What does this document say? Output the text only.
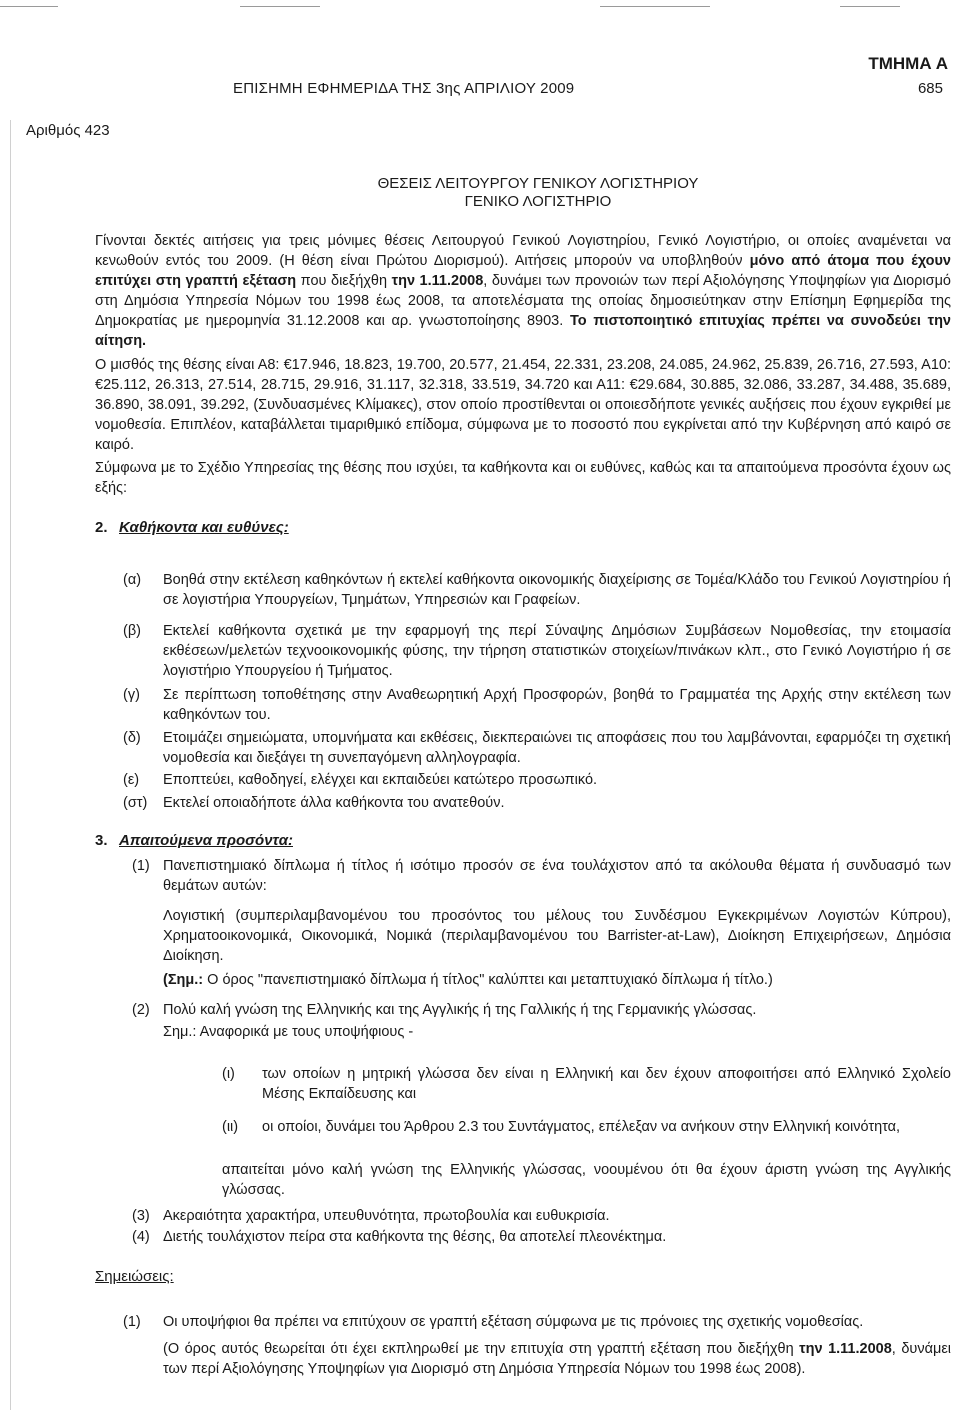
ΤΜΗΜΑ Α
ΕΠΙΣΗΜΗ ΕΦΗΜΕΡΙΔΑ ΤΗΣ 3ης ΑΠΡΙΛΙΟΥ 2009	685
Αριθμός 423
ΘΕΣΕΙΣ ΛΕΙΤΟΥΡΓΟΥ ΓΕΝΙΚΟΥ ΛΟΓΙΣΤΗΡΙΟΥ
ΓΕΝΙΚΟ ΛΟΓΙΣΤΗΡΙΟ
Γίνονται δεκτές αιτήσεις για τρεις μόνιμες θέσεις Λειτουργού Γενικού Λογιστηρίου, Γενικό Λογιστήριο, οι οποίες αναμένεται να κενωθούν εντός του 2009. (Η θέση είναι Πρώτου Διορισμού). Αιτήσεις μπορούν να υποβληθούν μόνο από άτομα που έχουν επιτύχει στη γραπτή εξέταση που διεξήχθη την 1.11.2008, δυνάμει των προνοιών των περί Αξιολόγησης Υποψηφίων για Διορισμό στη Δημόσια Υπηρεσία Νόμων του 1998 έως 2008, τα αποτελέσματα της οποίας δημοσιεύτηκαν στην Επίσημη Εφημερίδα της Δημοκρατίας με ημερομηνία 31.12.2008 και αρ. γνωστοποίησης 8903. Το πιστοποιητικό επιτυχίας πρέπει να συνοδεύει την αίτηση.
Ο μισθός της θέσης είναι Α8: €17.946, 18.823, 19.700, 20.577, 21.454, 22.331, 23.208, 24.085, 24.962, 25.839, 26.716, 27.593, Α10: €25.112, 26.313, 27.514, 28.715, 29.916, 31.117, 32.318, 33.519, 34.720 και Α11: €29.684, 30.885, 32.086, 33.287, 34.488, 35.689, 36.890, 38.091, 39.292, (Συνδυασμένες Κλίμακες), στον οποίο προστίθενται οι οποιεσδήποτε γενικές αυξήσεις που έχουν εγκριθεί με νομοθεσία. Επιπλέον, καταβάλλεται τιμαριθμικό επίδομα, σύμφωνα με το ποσοστό που εγκρίνεται από την Κυβέρνηση από καιρό σε καιρό.
Σύμφωνα με το Σχέδιο Υπηρεσίας της θέσης που ισχύει, τα καθήκοντα και οι ευθύνες, καθώς και τα απαιτούμενα προσόντα έχουν ως εξής:
2. Καθήκοντα και ευθύνες:
(α) Βοηθά στην εκτέλεση καθηκόντων ή εκτελεί καθήκοντα οικονομικής διαχείρισης σε Τομέα/Κλάδο του Γενικού Λογιστηρίου ή σε λογιστήρια Υπουργείων, Τμημάτων, Υπηρεσιών και Γραφείων.
(β) Εκτελεί καθήκοντα σχετικά με την εφαρμογή της περί Σύναψης Δημόσιων Συμβάσεων Νομοθεσίας, την ετοιμασία εκθέσεων/μελετών τεχνοοικονομικής φύσης, την τήρηση στατιστικών στοιχείων/πινάκων κλπ., στο Γενικό Λογιστήριο ή σε λογιστήριο Υπουργείου ή Τμήματος.
(γ) Σε περίπτωση τοποθέτησης στην Αναθεωρητική Αρχή Προσφορών, βοηθά το Γραμματέα της Αρχής στην εκτέλεση των καθηκόντων του.
(δ) Ετοιμάζει σημειώματα, υπομνήματα και εκθέσεις, διεκπεραιώνει τις αποφάσεις που του λαμβάνονται, εφαρμόζει τη σχετική νομοθεσία και διεξάγει τη συνεπαγόμενη αλληλογραφία.
(ε) Εποπτεύει, καθοδηγεί, ελέγχει και εκπαιδεύει κατώτερο προσωπικό.
(στ) Εκτελεί οποιαδήποτε άλλα καθήκοντα του ανατεθούν.
3. Απαιτούμενα προσόντα:
(1) Πανεπιστημιακό δίπλωμα ή τίτλος ή ισότιμο προσόν σε ένα τουλάχιστον από τα ακόλουθα θέματα ή συνδυασμό των θεμάτων αυτών:
Λογιστική (συμπεριλαμβανομένου του προσόντος του μέλους του Συνδέσμου Εγκεκριμένων Λογιστών Κύπρου), Χρηματοοικονομικά, Οικονομικά, Νομικά (περιλαμβανομένου του Barrister-at-Law), Διοίκηση Επιχειρήσεων, Δημόσια Διοίκηση.
(Σημ.: Ο όρος "πανεπιστημιακό δίπλωμα ή τίτλος" καλύπτει και μεταπτυχιακό δίπλωμα ή τίτλο.)
(2) Πολύ καλή γνώση της Ελληνικής και της Αγγλικής ή της Γαλλικής ή της Γερμανικής γλώσσας.
Σημ.: Αναφορικά με τους υποψήφιους -
(ι) των οποίων η μητρική γλώσσα δεν είναι η Ελληνική και δεν έχουν αποφοιτήσει από Ελληνικό Σχολείο Μέσης Εκπαίδευσης και
(ιι) οι οποίοι, δυνάμει του Άρθρου 2.3 του Συντάγματος, επέλεξαν να ανήκουν στην Ελληνική κοινότητα,
απαιτείται μόνο καλή γνώση της Ελληνικής γλώσσας, νοουμένου ότι θα έχουν άριστη γνώση της Αγγλικής γλώσσας.
(3) Ακεραιότητα χαρακτήρα, υπευθυνότητα, πρωτοβουλία και ευθυκρισία.
(4) Διετής τουλάχιστον πείρα στα καθήκοντα της θέσης, θα αποτελεί πλεονέκτημα.
Σημειώσεις:
(1) Οι υποψήφιοι θα πρέπει να επιτύχουν σε γραπτή εξέταση σύμφωνα με τις πρόνοιες της σχετικής νομοθεσίας.
(Ο όρος αυτός θεωρείται ότι έχει εκπληρωθεί με την επιτυχία στη γραπτή εξέταση που διεξήχθη την 1.11.2008, δυνάμει των περί Αξιολόγησης Υποψηφίων για Διορισμό στη Δημόσια Υπηρεσία Νόμων του 1998 έως 2008).
